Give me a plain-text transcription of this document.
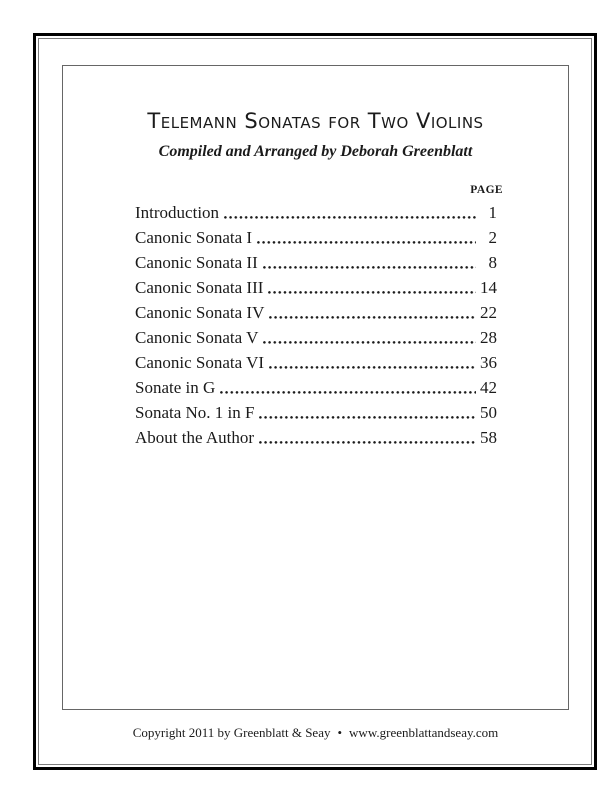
Telemann Sonatas for Two Violins
Compiled and Arranged by Deborah Greenblatt
PAGE
Introduction	1
Canonic Sonata I	2
Canonic Sonata II	8
Canonic Sonata III	14
Canonic Sonata IV	22
Canonic Sonata V	28
Canonic Sonata VI	36
Sonate in G	42
Sonata No. 1 in F	50
About the Author	58
Copyright 2011 by Greenblatt & Seay • www.greenblattandseay.com
